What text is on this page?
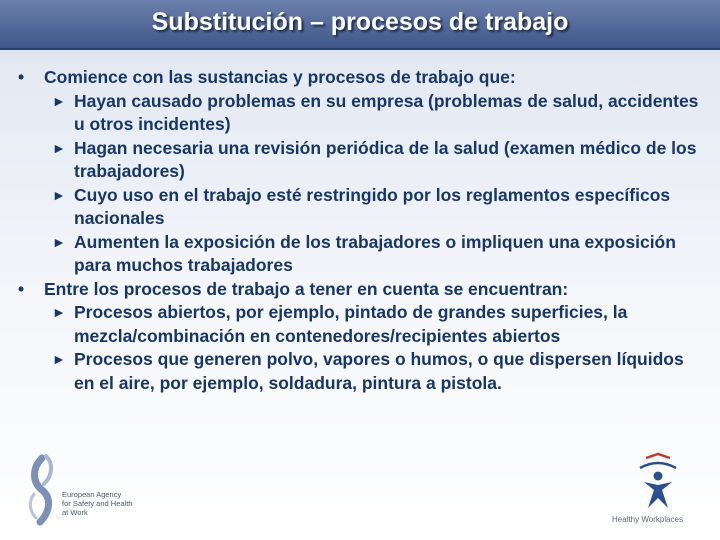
Substitución – procesos de trabajo
•	Comience con las sustancias y procesos de trabajo que:
► Hayan causado problemas en su empresa (problemas de salud, accidentes u otros incidentes)
► Hagan necesaria una revisión periódica de la salud (examen médico de los trabajadores)
► Cuyo uso en el trabajo esté restringido por los reglamentos específicos nacionales
► Aumenten la exposición de los trabajadores o impliquen una exposición para muchos trabajadores
•	Entre los procesos de trabajo a tener en cuenta se encuentran:
► Procesos abiertos, por ejemplo, pintado de grandes superficies, la mezcla/combinación en contenedores/recipientes abiertos
► Procesos que generen polvo, vapores o humos, o que dispersen líquidos en el aire, por ejemplo, soldadura, pintura a pistola.
European Agency
for Safety and Health
at Work
Healthy Workplaces
